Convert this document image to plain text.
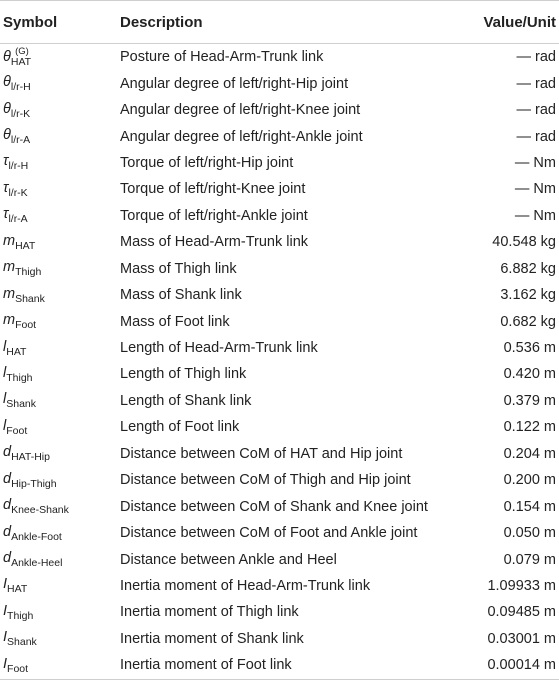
Symbol	Description	Value/Unit
$\theta_{HAT}^{(G)}$	Posture of Head-Arm-Trunk link	— rad
$\theta_{l/r-H}$	Angular degree of left/right-Hip joint	— rad
$\theta_{l/r-K}$	Angular degree of left/right-Knee joint	— rad
$\theta_{l/r-A}$	Angular degree of left/right-Ankle joint	— rad
$\tau_{l/r-H}$	Torque of left/right-Hip joint	— Nm
$\tau_{l/r-K}$	Torque of left/right-Knee joint	— Nm
$\tau_{l/r-A}$	Torque of left/right-Ankle joint	— Nm
$m_{HAT}$	Mass of Head-Arm-Trunk link	40.548 kg
$m_{Thigh}$	Mass of Thigh link	6.882 kg
$m_{Shank}$	Mass of Shank link	3.162 kg
$m_{Foot}$	Mass of Foot link	0.682 kg
$l_{HAT}$	Length of Head-Arm-Trunk link	0.536 m
$l_{Thigh}$	Length of Thigh link	0.420 m
$l_{Shank}$	Length of Shank link	0.379 m
$l_{Foot}$	Length of Foot link	0.122 m
$d_{HAT-Hip}$	Distance between CoM of HAT and Hip joint	0.204 m
$d_{Hip-Thigh}$	Distance between CoM of Thigh and Hip joint	0.200 m
$d_{Knee-Shank}$	Distance between CoM of Shank and Knee joint	0.154 m
$d_{Ankle-Foot}$	Distance between CoM of Foot and Ankle joint	0.050 m
$d_{Ankle-Heel}$	Distance between Ankle and Heel	0.079 m
$I_{HAT}$	Inertia moment of Head-Arm-Trunk link	1.09933 m
$I_{Thigh}$	Inertia moment of Thigh link	0.09485 m
$I_{Shank}$	Inertia moment of Shank link	0.03001 m
$I_{Foot}$	Inertia moment of Foot link	0.00014 m
